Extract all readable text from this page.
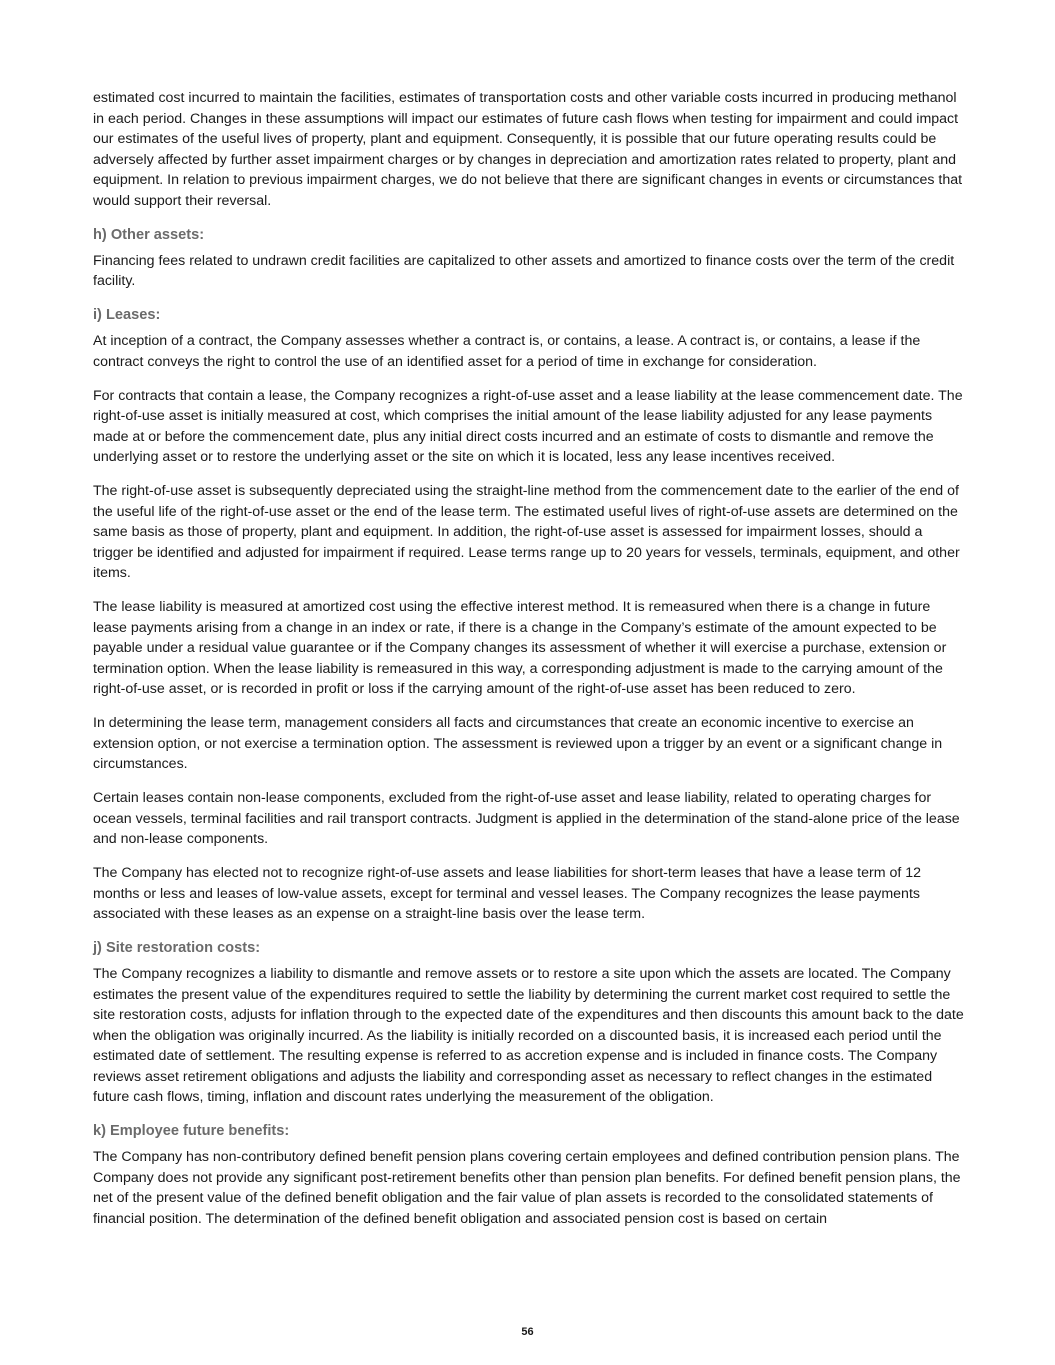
estimated cost incurred to maintain the facilities, estimates of transportation costs and other variable costs incurred in producing methanol in each period. Changes in these assumptions will impact our estimates of future cash flows when testing for impairment and could impact our estimates of the useful lives of property, plant and equipment. Consequently, it is possible that our future operating results could be adversely affected by further asset impairment charges or by changes in depreciation and amortization rates related to property, plant and equipment. In relation to previous impairment charges, we do not believe that there are significant changes in events or circumstances that would support their reversal.

h) Other assets:

Financing fees related to undrawn credit facilities are capitalized to other assets and amortized to finance costs over the term of the credit facility.

i) Leases:

At inception of a contract, the Company assesses whether a contract is, or contains, a lease. A contract is, or contains, a lease if the contract conveys the right to control the use of an identified asset for a period of time in exchange for consideration.

For contracts that contain a lease, the Company recognizes a right-of-use asset and a lease liability at the lease commencement date. The right-of-use asset is initially measured at cost, which comprises the initial amount of the lease liability adjusted for any lease payments made at or before the commencement date, plus any initial direct costs incurred and an estimate of costs to dismantle and remove the underlying asset or to restore the underlying asset or the site on which it is located, less any lease incentives received.

The right-of-use asset is subsequently depreciated using the straight-line method from the commencement date to the earlier of the end of the useful life of the right-of-use asset or the end of the lease term. The estimated useful lives of right-of-use assets are determined on the same basis as those of property, plant and equipment. In addition, the right-of-use asset is assessed for impairment losses, should a trigger be identified and adjusted for impairment if required. Lease terms range up to 20 years for vessels, terminals, equipment, and other items.

The lease liability is measured at amortized cost using the effective interest method. It is remeasured when there is a change in future lease payments arising from a change in an index or rate, if there is a change in the Company’s estimate of the amount expected to be payable under a residual value guarantee or if the Company changes its assessment of whether it will exercise a purchase, extension or termination option. When the lease liability is remeasured in this way, a corresponding adjustment is made to the carrying amount of the right-of-use asset, or is recorded in profit or loss if the carrying amount of the right-of-use asset has been reduced to zero.

In determining the lease term, management considers all facts and circumstances that create an economic incentive to exercise an extension option, or not exercise a termination option. The assessment is reviewed upon a trigger by an event or a significant change in circumstances.

Certain leases contain non-lease components, excluded from the right-of-use asset and lease liability, related to operating charges for ocean vessels, terminal facilities and rail transport contracts. Judgment is applied in the determination of the stand-alone price of the lease and non-lease components.

The Company has elected not to recognize right-of-use assets and lease liabilities for short-term leases that have a lease term of 12 months or less and leases of low-value assets, except for terminal and vessel leases. The Company recognizes the lease payments associated with these leases as an expense on a straight-line basis over the lease term.

j) Site restoration costs:

The Company recognizes a liability to dismantle and remove assets or to restore a site upon which the assets are located. The Company estimates the present value of the expenditures required to settle the liability by determining the current market cost required to settle the site restoration costs, adjusts for inflation through to the expected date of the expenditures and then discounts this amount back to the date when the obligation was originally incurred. As the liability is initially recorded on a discounted basis, it is increased each period until the estimated date of settlement. The resulting expense is referred to as accretion expense and is included in finance costs. The Company reviews asset retirement obligations and adjusts the liability and corresponding asset as necessary to reflect changes in the estimated future cash flows, timing, inflation and discount rates underlying the measurement of the obligation.

k) Employee future benefits:

The Company has non-contributory defined benefit pension plans covering certain employees and defined contribution pension plans. The Company does not provide any significant post-retirement benefits other than pension plan benefits. For defined benefit pension plans, the net of the present value of the defined benefit obligation and the fair value of plan assets is recorded to the consolidated statements of financial position. The determination of the defined benefit obligation and associated pension cost is based on certain

56
